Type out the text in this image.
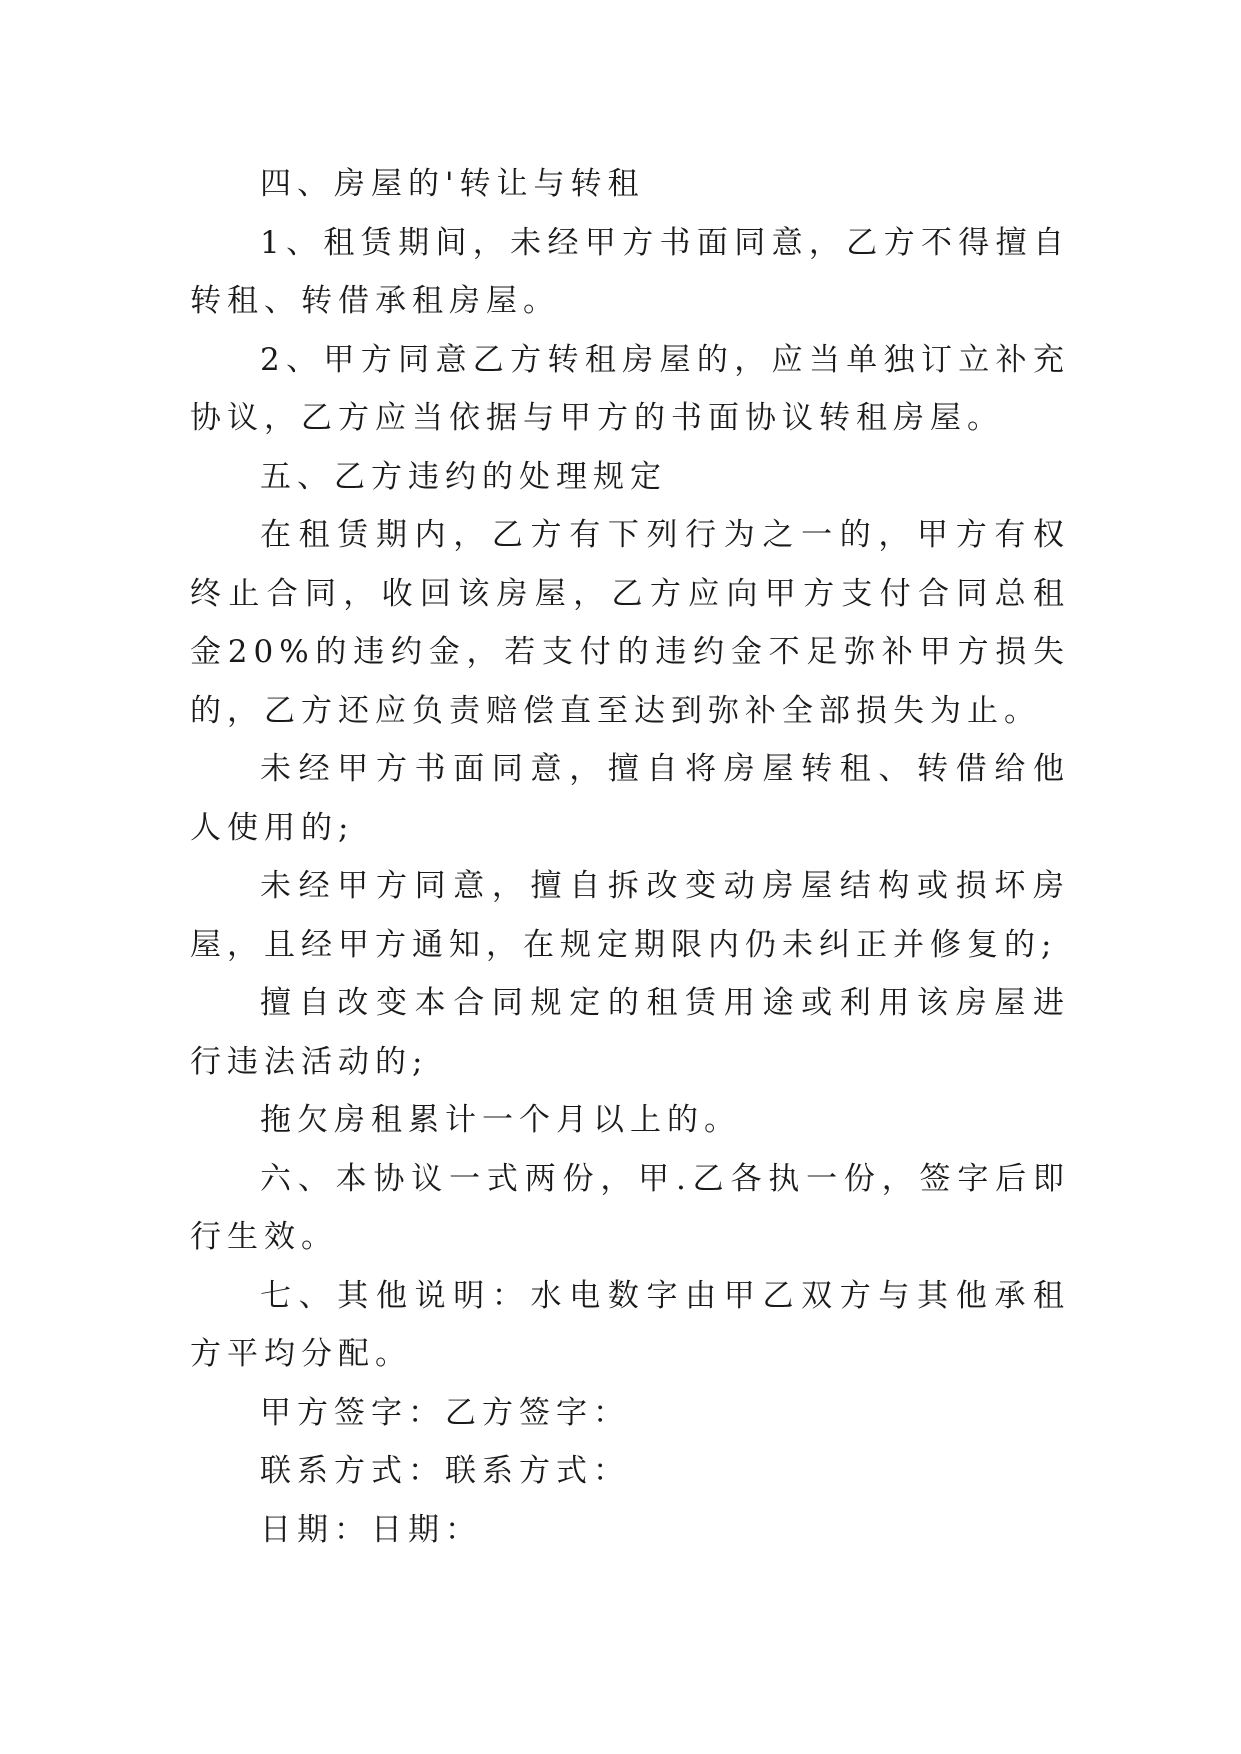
四、房屋的'转让与转租

1、租赁期间，未经甲方书面同意，乙方不得擅自转租、转借承租房屋。

2、甲方同意乙方转租房屋的，应当单独订立补充协议，乙方应当依据与甲方的书面协议转租房屋。

五、乙方违约的处理规定

在租赁期内，乙方有下列行为之一的，甲方有权终止合同，收回该房屋，乙方应向甲方支付合同总租金20%的违约金，若支付的违约金不足弥补甲方损失的，乙方还应负责赔偿直至达到弥补全部损失为止。

未经甲方书面同意，擅自将房屋转租、转借给他人使用的;

未经甲方同意，擅自拆改变动房屋结构或损坏房屋，且经甲方通知，在规定期限内仍未纠正并修复的;

擅自改变本合同规定的租赁用途或利用该房屋进行违法活动的;

拖欠房租累计一个月以上的。

六、本协议一式两份，甲.乙各执一份，签字后即行生效。

七、其他说明：水电数字由甲乙双方与其他承租方平均分配。

甲方签字：乙方签字：

联系方式：联系方式：

日期：日期：
